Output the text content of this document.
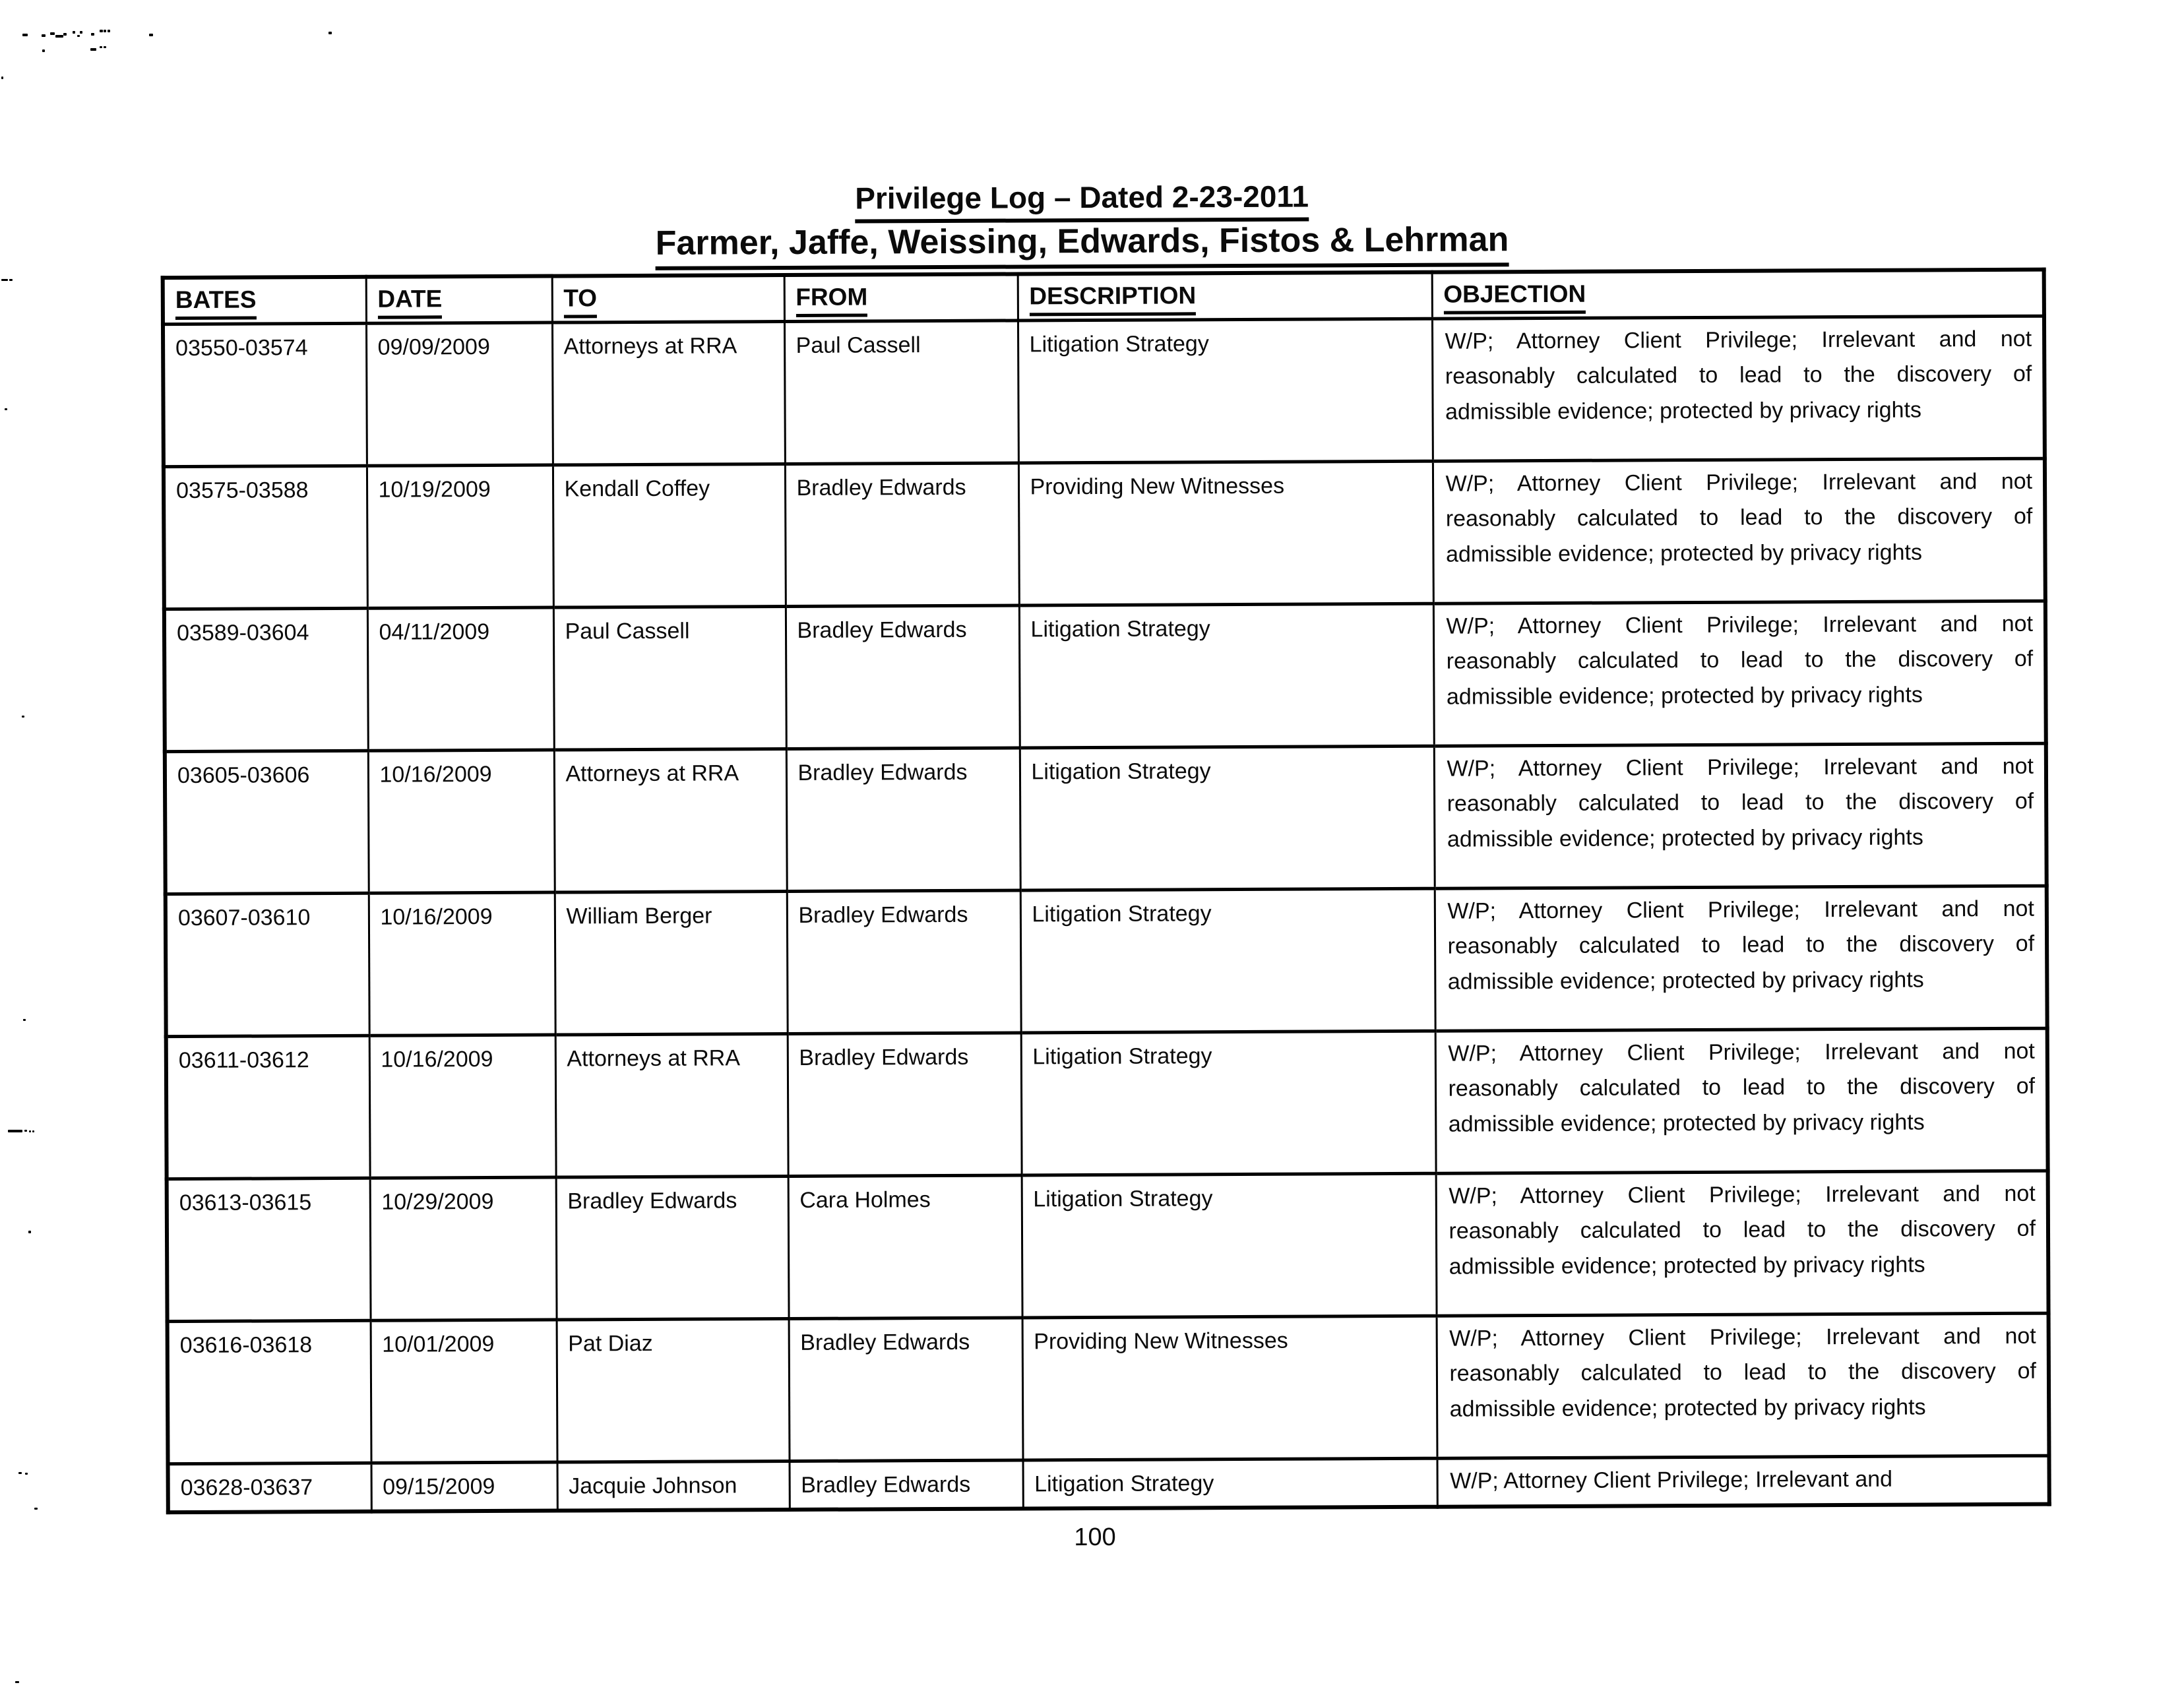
Privilege Log – Dated 2-23-2011
Farmer, Jaffe, Weissing, Edwards, Fistos & Lehrman
BATES	DATE	TO	FROM	DESCRIPTION	OBJECTION
03550-03574	09/09/2009	Attorneys at RRA	Paul Cassell	Litigation Strategy	W/P; Attorney Client Privilege; Irrelevant and not reasonably calculated to lead to the discovery of admissible evidence; protected by privacy rights
03575-03588	10/19/2009	Kendall Coffey	Bradley Edwards	Providing New Witnesses	W/P; Attorney Client Privilege; Irrelevant and not reasonably calculated to lead to the discovery of admissible evidence; protected by privacy rights
03589-03604	04/11/2009	Paul Cassell	Bradley Edwards	Litigation Strategy	W/P; Attorney Client Privilege; Irrelevant and not reasonably calculated to lead to the discovery of admissible evidence; protected by privacy rights
03605-03606	10/16/2009	Attorneys at RRA	Bradley Edwards	Litigation Strategy	W/P; Attorney Client Privilege; Irrelevant and not reasonably calculated to lead to the discovery of admissible evidence; protected by privacy rights
03607-03610	10/16/2009	William Berger	Bradley Edwards	Litigation Strategy	W/P; Attorney Client Privilege; Irrelevant and not reasonably calculated to lead to the discovery of admissible evidence; protected by privacy rights
03611-03612	10/16/2009	Attorneys at RRA	Bradley Edwards	Litigation Strategy	W/P; Attorney Client Privilege; Irrelevant and not reasonably calculated to lead to the discovery of admissible evidence; protected by privacy rights
03613-03615	10/29/2009	Bradley Edwards	Cara Holmes	Litigation Strategy	W/P; Attorney Client Privilege; Irrelevant and not reasonably calculated to lead to the discovery of admissible evidence; protected by privacy rights
03616-03618	10/01/2009	Pat Diaz	Bradley Edwards	Providing New Witnesses	W/P; Attorney Client Privilege; Irrelevant and not reasonably calculated to lead to the discovery of admissible evidence; protected by privacy rights
03628-03637	09/15/2009	Jacquie Johnson	Bradley Edwards	Litigation Strategy	W/P; Attorney Client Privilege; Irrelevant and
100
